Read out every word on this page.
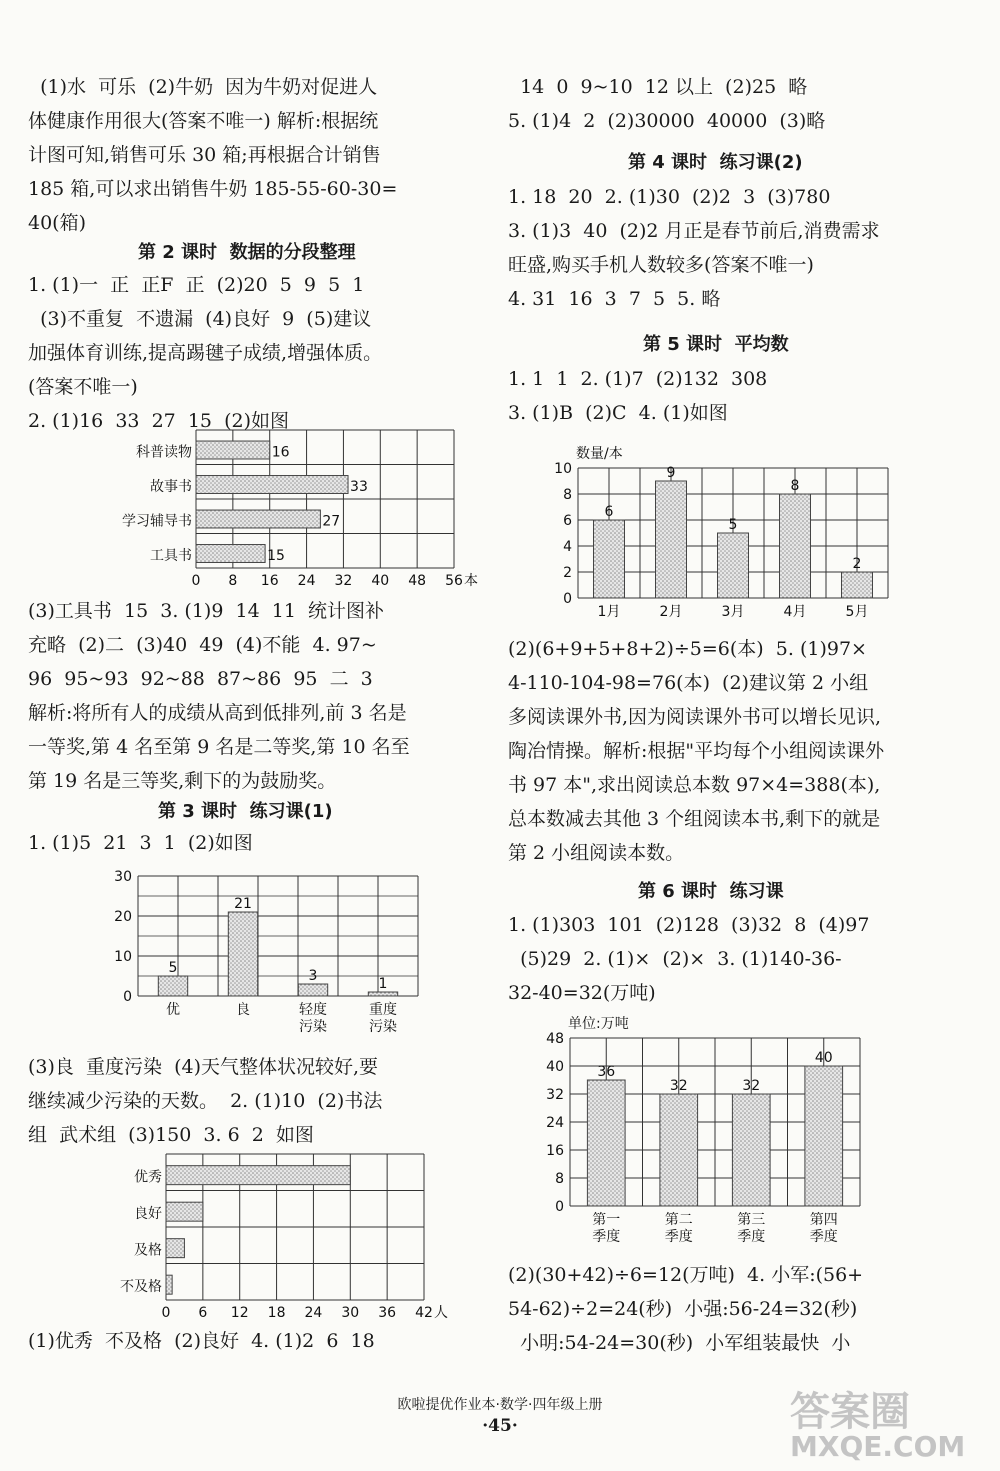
(1)水  可乐  (2)牛奶  因为牛奶对促进人
体健康作用很大(答案不唯一) 解析:根据统
计图可知,销售可乐 30 箱;再根据合计销售
185 箱,可以求出销售牛奶 185-55-60-30=
40(箱)
第 2 课时  数据的分段整理
1. (1)一  正  正F  正  (2)20  5  9  5  1
(3)不重复  不遗漏  (4)良好  9  (5)建议
加强体育训练,提高踢毽子成绩,增强体质。
(答案不唯一)
2. (1)16  33  27  15  (2)如图
0 8 16 24 32 40 48 56 本
科普读物	16
故事书	33
学习辅导书	27
工具书	15
(3)工具书  15  3. (1)9  14  11  统计图补
充略  (2)二  (3)40  49  (4)不能  4. 97~
96  95~93  92~88  87~86  95  二  3
解析:将所有人的成绩从高到低排列,前 3 名是
一等奖,第 4 名至第 9 名是二等奖,第 10 名至
第 19 名是三等奖,剩下的为鼓励奖。
第 3 课时  练习课(1)
1. (1)5  21  3  1  (2)如图
0
10
20
30
5
优
21
良
3
轻度
污染
1
重度
污染
(3)良  重度污染  (4)天气整体状况较好,要
继续减少污染的天数。  2. (1)10  (2)书法
组  武术组  (3)150  3. 6  2  如图
0 6 12 18 24 30 36 42 人
优秀
良好
及格
不及格
(1)优秀  不及格  (2)良好  4. (1)2  6  18
14  0  9~10  12 以上  (2)25  略
5. (1)4  2  (2)30000  40000  (3)略
第 4 课时  练习课(2)
1. 18  20  2. (1)30  (2)2  3  (3)780
3. (1)3  40  (2)2 月正是春节前后,消费需求
旺盛,购买手机人数较多(答案不唯一)
4. 31  16  3  7  5  5. 略
第 5 课时  平均数
1. 1  1  2. (1)7  (2)132  308
3. (1)B  (2)C  4. (1)如图
0
2
4
6
8
10
数量/本
6
1月
9
2月
5
3月
8
4月
2
5月
(2)(6+9+5+8+2)÷5=6(本)  5. (1)97×
4-110-104-98=76(本)  (2)建议第 2 小组
多阅读课外书,因为阅读课外书可以增长见识,
陶冶情操。解析:根据"平均每个小组阅读课外
书 97 本",求出阅读总本数 97×4=388(本),
总本数减去其他 3 个组阅读本书,剩下的就是
第 2 小组阅读本数。
第 6 课时  练习课
1. (1)303  101  (2)128  (3)32  8  (4)97
(5)29  2. (1)×  (2)×  3. (1)140-36-
32-40=32(万吨)
0
8
16
24
32
40
48
单位:万吨
36
第一
季度
32
第二
季度
32
第三
季度
40
第四
季度
(2)(30+42)÷6=12(万吨)  4. 小军:(56+
54-62)÷2=24(秒)  小强:56-24=32(秒)
小明:54-24=30(秒)  小军组装最快  小
欧啦提优作业本·数学·四年级上册
·45·	答案圈
MXQE.COM
